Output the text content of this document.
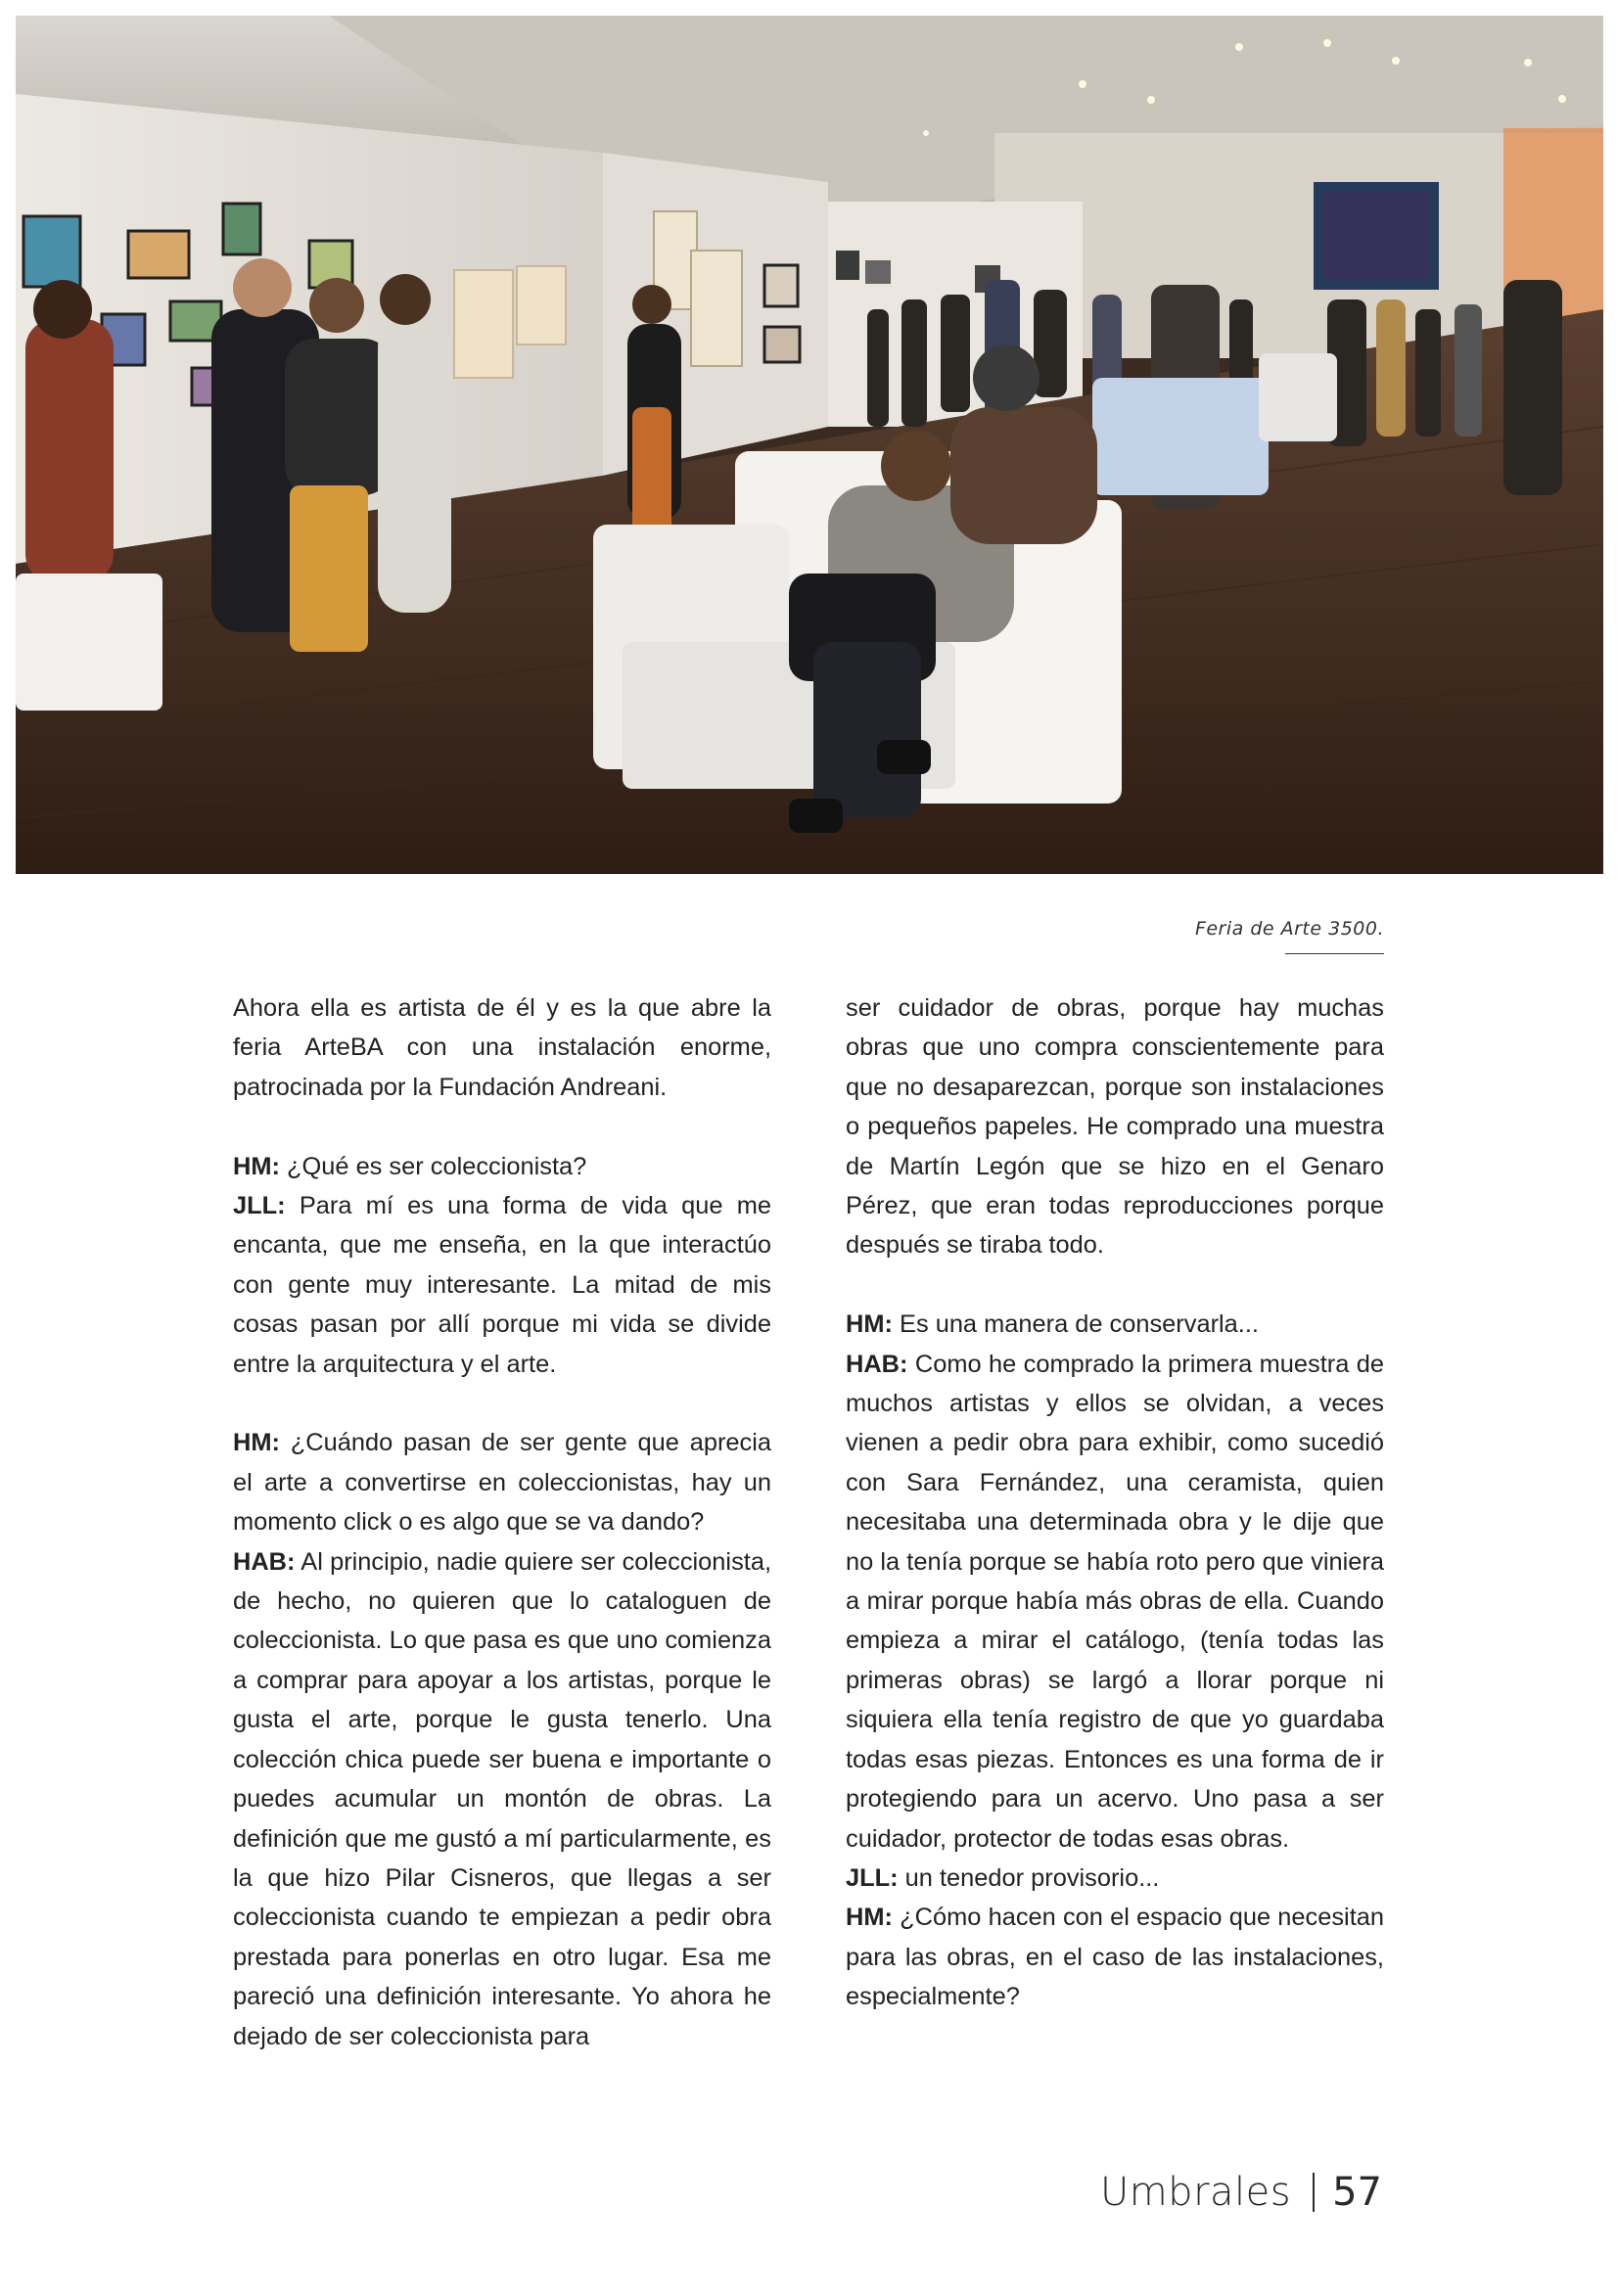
Feria de Arte 3500.

Ahora ella es artista de él y es la que abre la feria ArteBA con una instalación enorme, patrocinada por la Fundación Andreani.

HM: ¿Qué es ser coleccionista?

JLL: Para mí es una forma de vida que me encanta, que me enseña, en la que interactúo con gente muy interesante. La mitad de mis cosas pasan por allí porque mi vida se divide entre la arquitectura y el arte.

HM: ¿Cuándo pasan de ser gente que aprecia el arte a convertirse en coleccionistas, hay un momento click o es algo que se va dando?

HAB: Al principio, nadie quiere ser coleccionista, de hecho, no quieren que lo cataloguen de coleccionista. Lo que pasa es que uno comienza a comprar para apoyar a los artistas, porque le gusta el arte, porque le gusta tenerlo. Una colección chica puede ser buena e importante o puedes acumular un montón de obras. La definición que me gustó a mí particularmente, es la que hizo Pilar Cisneros, que llegas a ser coleccionista cuando te empiezan a pedir obra prestada para ponerlas en otro lugar. Esa me pareció una definición interesante. Yo ahora he dejado de ser coleccionista para

ser cuidador de obras, porque hay muchas obras que uno compra conscientemente para que no desaparezcan, porque son instalaciones o pequeños papeles. He comprado una muestra de Martín Legón que se hizo en el Genaro Pérez, que eran todas reproducciones porque después se tiraba todo.

HM: Es una manera de conservarla...

HAB: Como he comprado la primera muestra de muchos artistas y ellos se olvidan, a veces vienen a pedir obra para exhibir, como sucedió con Sara Fernández, una ceramista, quien necesitaba una determinada obra y le dije que no la tenía porque se había roto pero que viniera a mirar porque había más obras de ella. Cuando empieza a mirar el catálogo, (tenía todas las primeras obras) se largó a llorar porque ni siquiera ella tenía registro de que yo guardaba todas esas piezas. Entonces es una forma de ir protegiendo para un acervo. Uno pasa a ser cuidador, protector de todas esas obras.

JLL: un tenedor provisorio...

HM: ¿Cómo hacen con el espacio que necesitan para las obras, en el caso de las instalaciones, especialmente?

Umbrales 57
